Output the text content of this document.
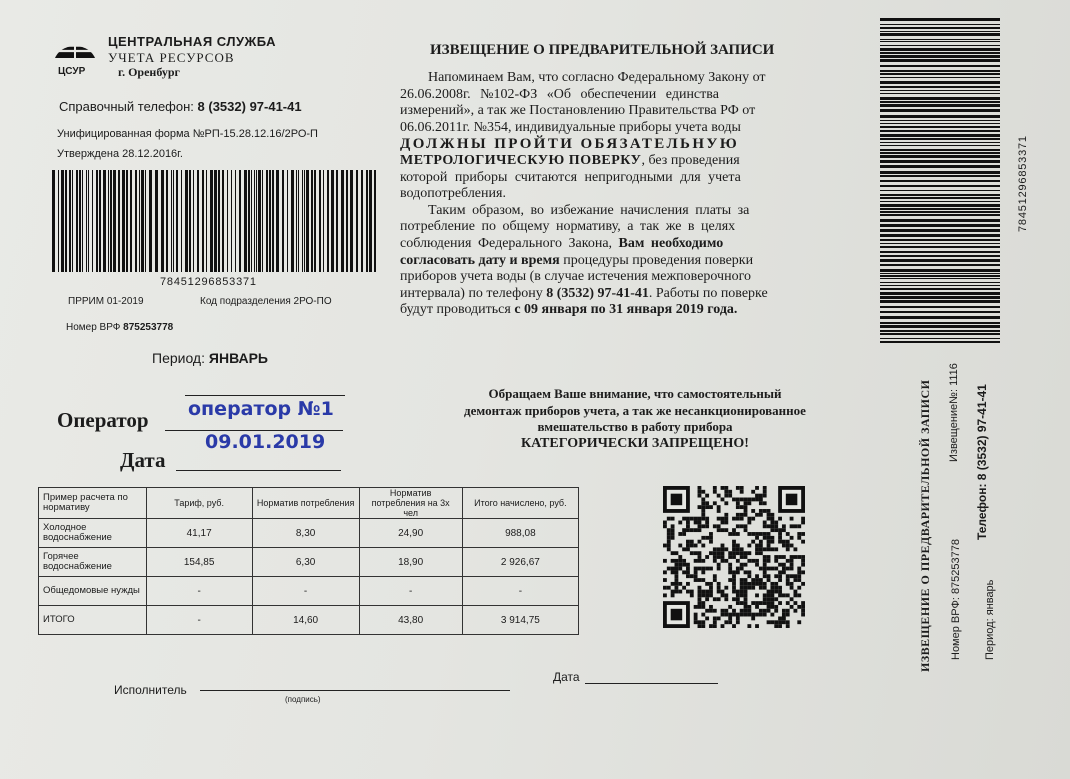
ЦСУР
ЦЕНТРАЛЬНАЯ СЛУЖБА
УЧЕТА РЕСУРСОВ
г. Оренбург
Справочный телефон: 8 (3532) 97-41-41
Унифицированная форма №РП-15.28.12.16/2РО-П
Утверждена 28.12.2016г.
78451296853371
ПРРИМ 01-2019	Код подразделения 2РО-ПО
Номер ВРФ 875253778
Период: ЯНВАРЬ
Оператор оператор №1
Дата
09.01.2019
Пример расчета по нормативу	Тариф, руб.	Норматив потребления	Норматив потребления на 3х чел	Итого начислено, руб.
Холодное водоснабжение	41,17	8,30	24,90	988,08
Горячее водоснабжение	154,85	6,30	18,90	2 926,67
Общедомовые нужды	-	-	-	-
ИТОГО	-	14,60	43,80	3 914,75
Исполнитель
(подпись)
Дата
ИЗВЕЩЕНИЕ О ПРЕДВАРИТЕЛЬНОЙ ЗАПИСИ
Напоминаем Вам, что согласно Федеральному Закону от
26.06.2008г. №102-ФЗ «Об обеспечении единства
измерений», а так же Постановлению Правительства РФ от
06.06.2011г. №354, индивидуальные приборы учета воды
ДОЛЖНЫ ПРОЙТИ ОБЯЗАТЕЛЬНУЮ
МЕТРОЛОГИЧЕСКУЮ ПОВЕРКУ, без проведения
которой приборы считаются непригодными для учета
водопотребления.
Таким образом, во избежание начисления платы за
потребление по общему нормативу, а так же в целях
соблюдения Федерального Закона, Вам необходимо
согласовать дату и время процедуры проведения поверки
приборов учета воды (в случае истечения межповерочного
интервала) по телефону 8 (3532) 97-41-41. Работы по поверке
будут проводиться с 09 января по 31 января 2019 года.
Обращаем Ваше внимание, что самостоятельный
демонтаж приборов учета, а так же несанкционированное
вмешательство в работу прибора
КАТЕГОРИЧЕСКИ ЗАПРЕЩЕНО!
78451296853371
ИЗВЕЩЕНИЕ О ПРЕДВАРИТЕЛЬНОЙ ЗАПИСИ Извещение№: 1116
Номер ВРФ: 875253778
Телефон: 8 (3532) 97-41-41
Период: январь
